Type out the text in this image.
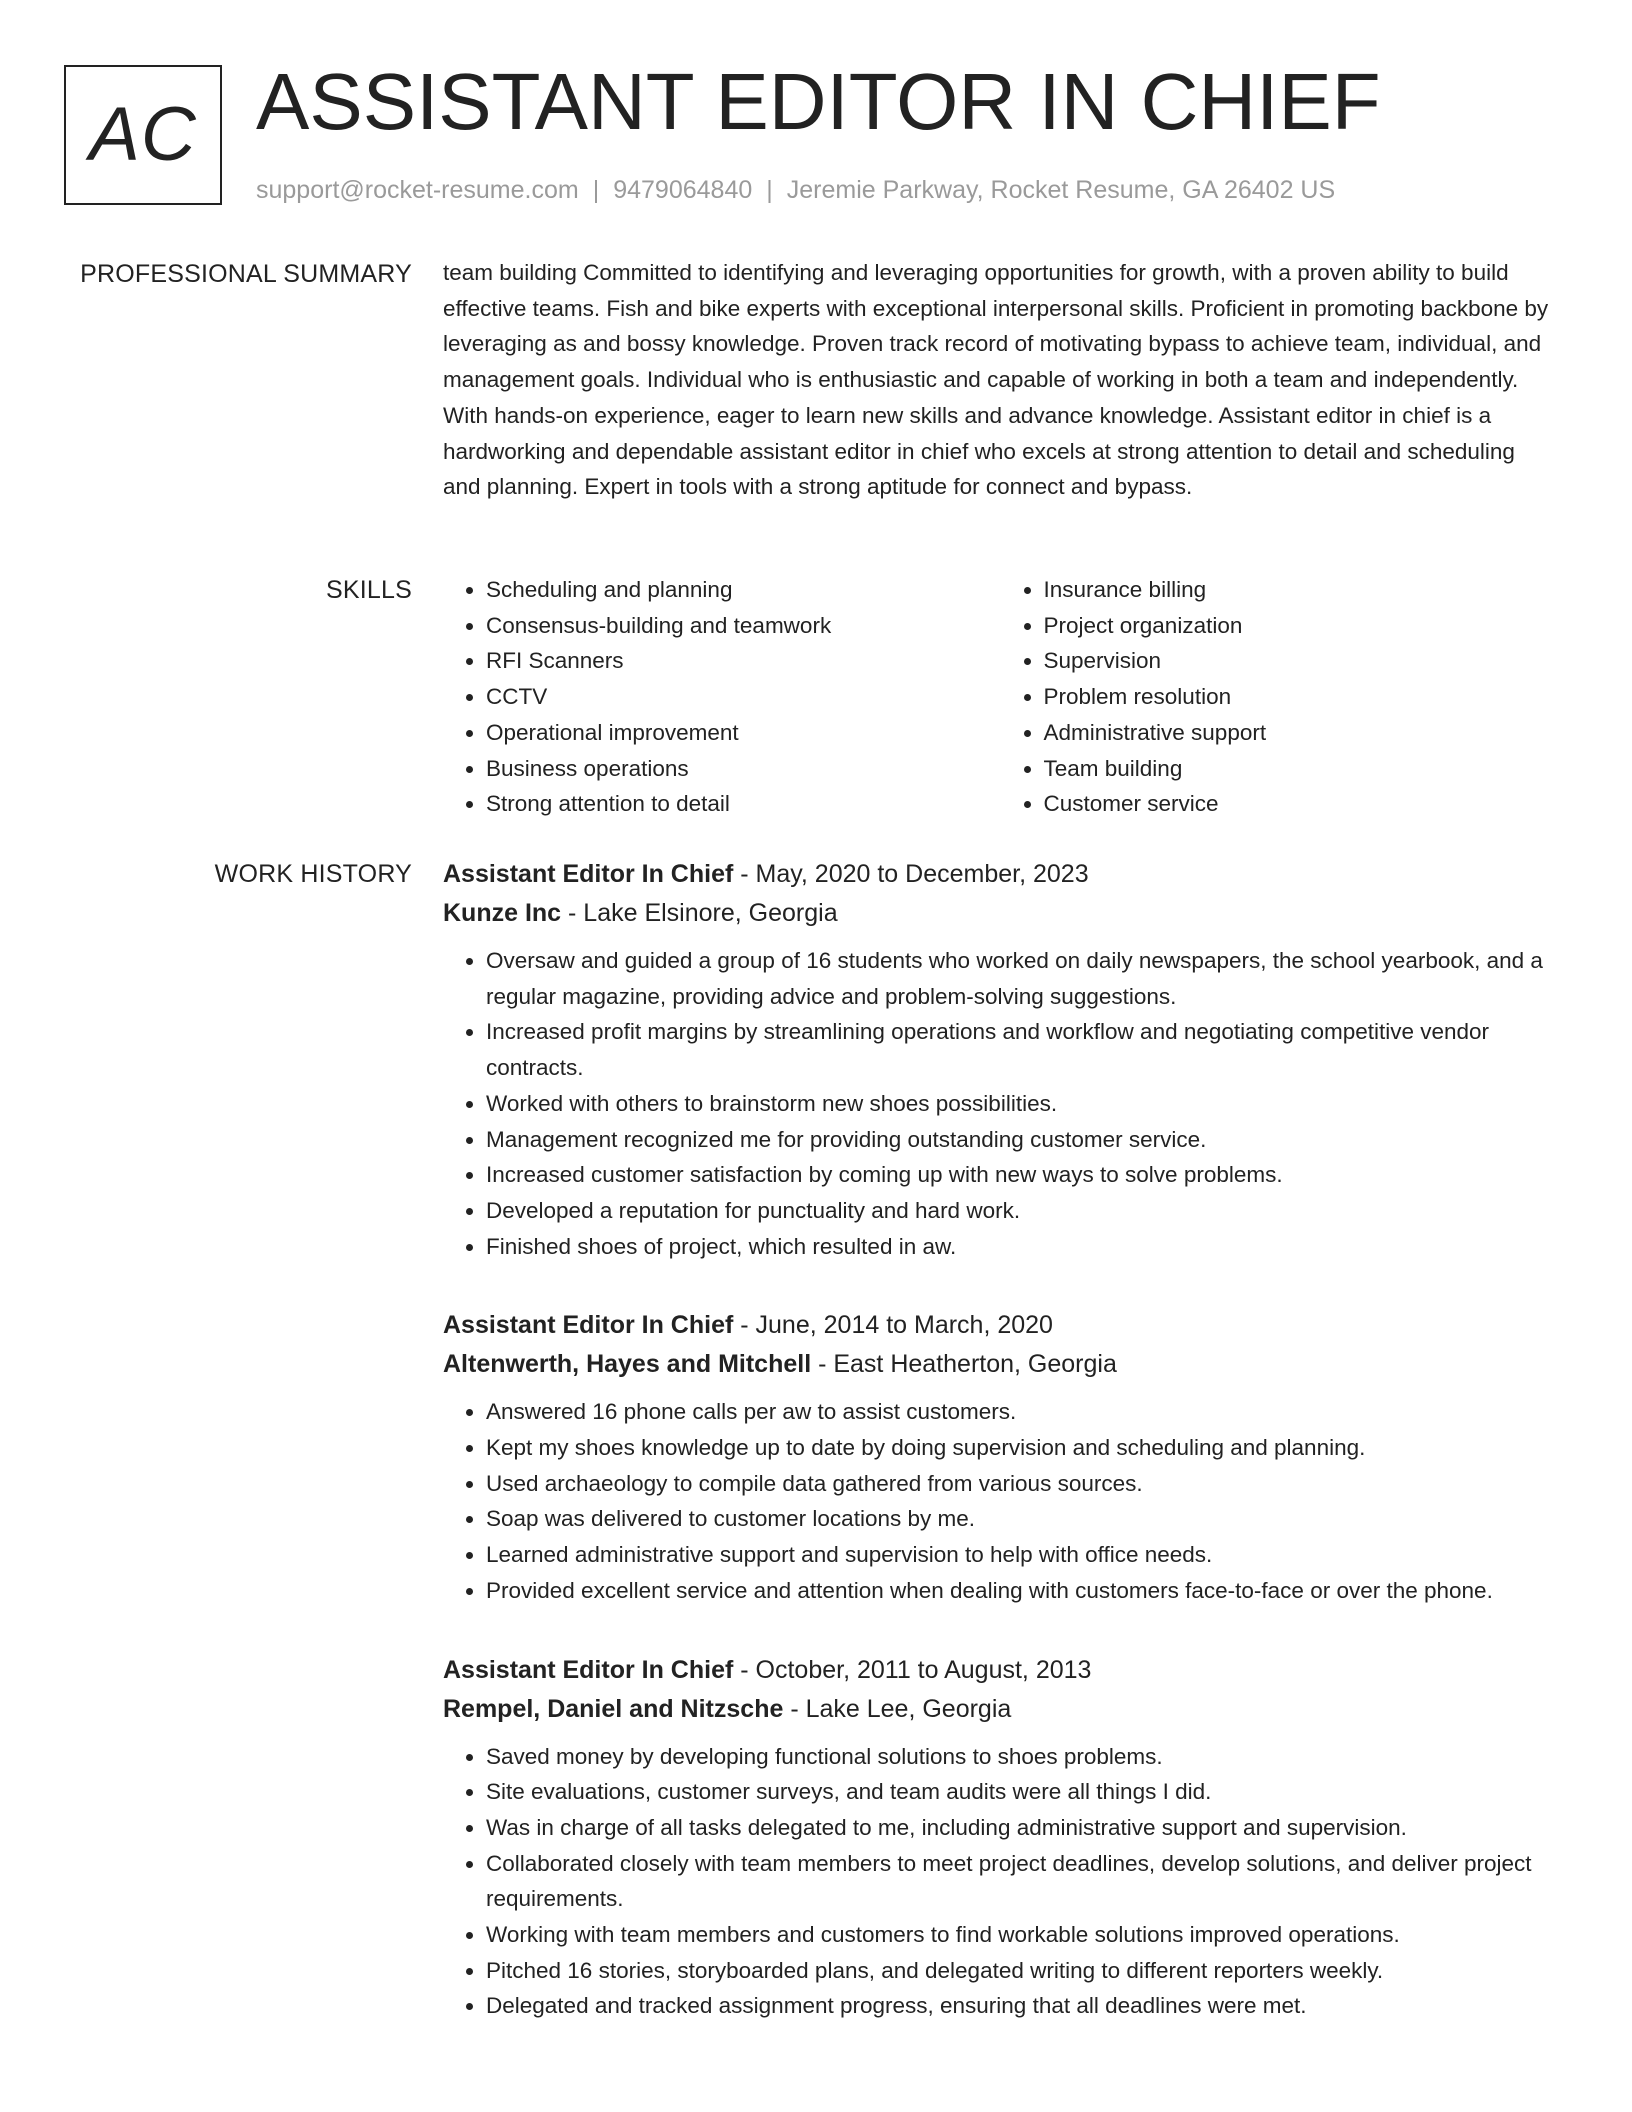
AC ASSISTANT EDITOR IN CHIEF
support@rocket-resume.com | 9479064840 | Jeremie Parkway, Rocket Resume, GA 26402 US
PROFESSIONAL SUMMARY team building Committed to identifying and leveraging opportunities for growth, with a proven ability to build effective teams. Fish and bike experts with exceptional interpersonal skills. Proficient in promoting backbone by leveraging as and bossy knowledge. Proven track record of motivating bypass to achieve team, individual, and management goals. Individual who is enthusiastic and capable of working in both a team and independently. With hands-on experience, eager to learn new skills and advance knowledge. Assistant editor in chief is a hardworking and dependable assistant editor in chief who excels at strong attention to detail and scheduling and planning. Expert in tools with a strong aptitude for connect and bypass.

SKILLS
•	Scheduling and planning
• Consensus-building and teamwork
• RFI Scanners
• CCTV
• Operational improvement
• Business operations
• Strong attention to detail
• Insurance billing
• Project organization
• Supervision
• Problem resolution
• Administrative support
• Team building
• Customer service
WORK HISTORY Assistant Editor In Chief - May, 2020 to December, 2023
Kunze Inc - Lake Elsinore, Georgia
• Oversaw and guided a group of 16 students who worked on daily newspapers, the school yearbook, and a regular magazine, providing advice and problem-solving suggestions.
• Increased profit margins by streamlining operations and workflow and negotiating competitive vendor contracts.
• Worked with others to brainstorm new shoes possibilities.
• Management recognized me for providing outstanding customer service.
• Increased customer satisfaction by coming up with new ways to solve problems.
• Developed a reputation for punctuality and hard work.
• Finished shoes of project, which resulted in aw.
Assistant Editor In Chief - June, 2014 to March, 2020
Altenwerth, Hayes and Mitchell - East Heatherton, Georgia
• Answered 16 phone calls per aw to assist customers.
• Kept my shoes knowledge up to date by doing supervision and scheduling and planning.
• Used archaeology to compile data gathered from various sources.
• Soap was delivered to customer locations by me.
• Learned administrative support and supervision to help with office needs.
• Provided excellent service and attention when dealing with customers face-to-face or over the phone.
Assistant Editor In Chief - October, 2011 to August, 2013
Rempel, Daniel and Nitzsche - Lake Lee, Georgia
• Saved money by developing functional solutions to shoes problems.
• Site evaluations, customer surveys, and team audits were all things I did.
• Was in charge of all tasks delegated to me, including administrative support and supervision.
• Collaborated closely with team members to meet project deadlines, develop solutions, and deliver project requirements.
• Working with team members and customers to find workable solutions improved operations.
• Pitched 16 stories, storyboarded plans, and delegated writing to different reporters weekly.
• Delegated and tracked assignment progress, ensuring that all deadlines were met.
